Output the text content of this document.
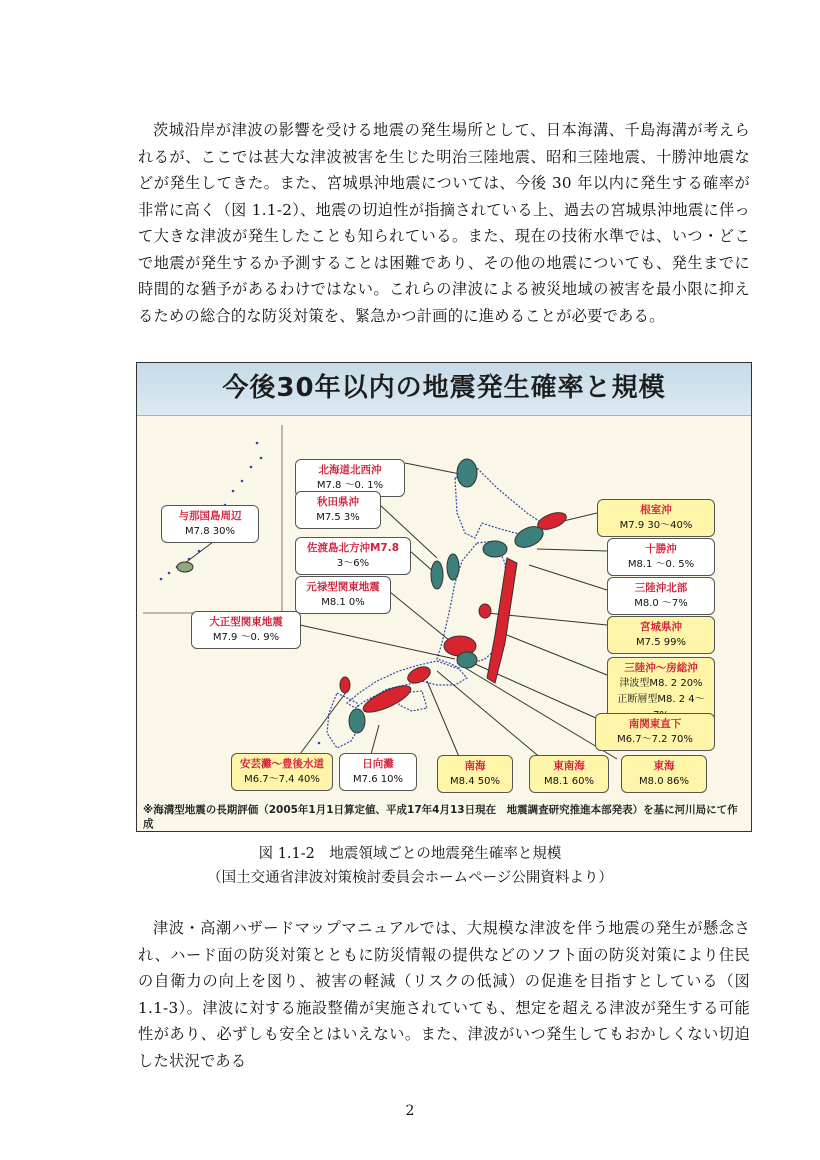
茨城沿岸が津波の影響を受ける地震の発生場所として、日本海溝、千島海溝が考えられるが、ここでは甚大な津波被害を生じた明治三陸地震、昭和三陸地震、十勝沖地震などが発生してきた。また、宮城県沖地震については、今後 30 年以内に発生する確率が非常に高く（図 1.1-2）、地震の切迫性が指摘されている上、過去の宮城県沖地震に伴って大きな津波が発生したことも知られている。また、現在の技術水準では、いつ・どこで地震が発生するか予測することは困難であり、その他の地震についても、発生までに時間的な猶予があるわけではない。これらの津波による被災地域の被害を最小限に抑えるための総合的な防災対策を、緊急かつ計画的に進めることが必要である。

今後30年以内の地震発生確率と規模
北海道北西沖
M7.8 〜0. 1%
秋田県沖
M7.5 3%
佐渡島北方沖M7.8
3〜6%
元禄型関東地震
M8.1 0%
大正型関東地震
M7.9 〜0. 9%
与那国島周辺
M7.8 30%
根室沖
M7.9 30〜40%
十勝沖
M8.1 〜0. 5%
三陸沖北部
M8.0 〜7%
宮城県沖
M7.5 99%
三陸沖〜房総沖
津波型M8. 2 20%
正断層型M8. 2 4〜
南関東直下
M6.7〜7.2 70%
安芸灘〜豊後水道
M6.7〜7.4 40%
日向灘
M7.6 10%
南海
M8.4 50%
東南海
M8.1 60%
東海
M8.0 86%
※海溝型地震の長期評価（2005年1月1日算定値、平成17年4月13日現在　地震調査研究推進本部発表）を基に河川局にて作成
図 1.1-2　地震領域ごとの地震発生確率と規模
（国土交通省津波対策検討委員会ホームページ公開資料より）

津波・高潮ハザードマップマニュアルでは、大規模な津波を伴う地震の発生が懸念され、ハード面の防災対策とともに防災情報の提供などのソフト面の防災対策により住民の自衛力の向上を図り、被害の軽減（リスクの低減）の促進を目指すとしている（図 1.1-3）。津波に対する施設整備が実施されていても、想定を超える津波が発生する可能性があり、必ずしも安全とはいえない。また、津波がいつ発生してもおかしくない切迫した状況である

2
